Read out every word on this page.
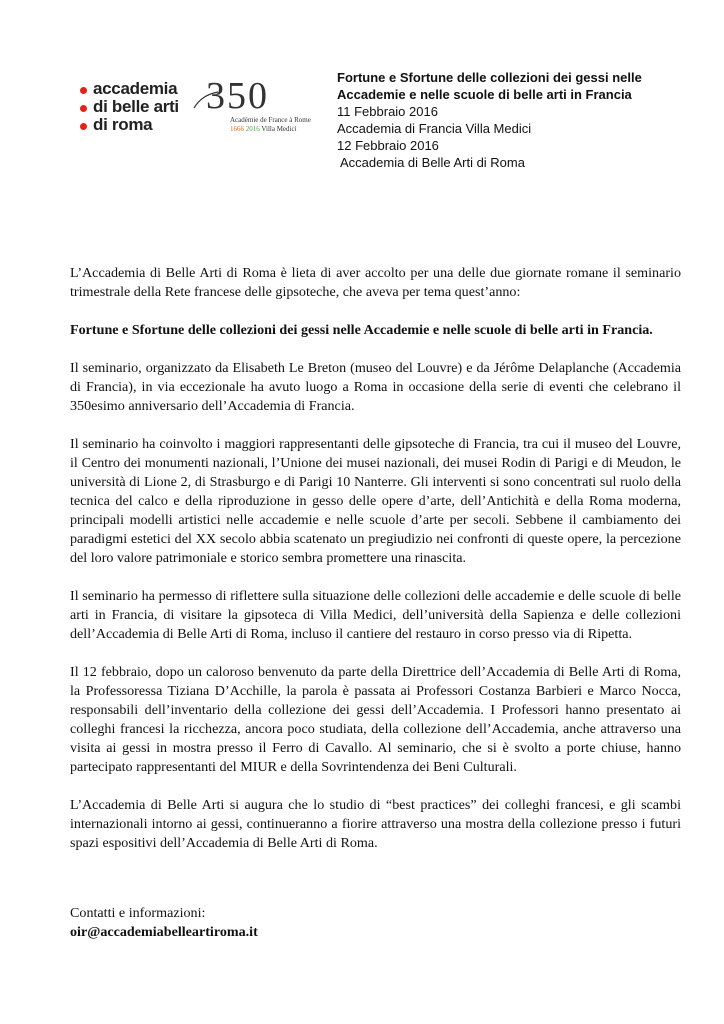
accademia
di belle arti
di roma
350
Académie de France à Rome
1666 2016 Villa Medici
Fortune e Sfortune delle collezioni dei gessi nelle
Accademie e nelle scuole di belle arti in Francia
11 Febbraio 2016
Accademia di Francia Villa Medici
12 Febbraio 2016
Accademia di Belle Arti di Roma

L’Accademia di Belle Arti di Roma è lieta di aver accolto per una delle due giornate romane il seminario trimestrale della Rete francese delle gipsoteche, che aveva per tema quest’anno:

Fortune e Sfortune delle collezioni dei gessi nelle Accademie e nelle scuole di belle arti in Francia.

Il seminario, organizzato da Elisabeth Le Breton (museo del Louvre) e da Jérôme Delaplanche (Accademia di Francia), in via eccezionale ha avuto luogo a Roma in occasione della serie di eventi che celebrano il 350esimo anniversario dell’Accademia di Francia.

Il seminario ha coinvolto i maggiori rappresentanti delle gipsoteche di Francia, tra cui il museo del Louvre, il Centro dei monumenti nazionali, l’Unione dei musei nazionali, dei musei Rodin di Parigi e di Meudon, le università di Lione 2, di Strasburgo e di Parigi 10 Nanterre. Gli interventi si sono concentrati sul ruolo della tecnica del calco e della riproduzione in gesso delle opere d’arte, dell’Antichità e della Roma moderna, principali modelli artistici nelle accademie e nelle scuole d’arte per secoli. Sebbene il cambiamento dei paradigmi estetici del XX secolo abbia scatenato un pregiudizio nei confronti di queste opere, la percezione del loro valore patrimoniale e storico sembra promettere una rinascita.

Il seminario ha permesso di riflettere sulla situazione delle collezioni delle accademie e delle scuole di belle arti in Francia, di visitare la gipsoteca di Villa Medici, dell’università della Sapienza e delle collezioni dell’Accademia di Belle Arti di Roma, incluso il cantiere del restauro in corso presso via di Ripetta.

Il 12 febbraio, dopo un caloroso benvenuto da parte della Direttrice dell’Accademia di Belle Arti di Roma, la Professoressa Tiziana D’Acchille, la parola è passata ai Professori Costanza Barbieri e Marco Nocca, responsabili dell’inventario della collezione dei gessi dell’Accademia. I Professori hanno presentato ai colleghi francesi la ricchezza, ancora poco studiata, della collezione dell’Accademia, anche attraverso una visita ai gessi in mostra presso il Ferro di Cavallo. Al seminario, che si è svolto a porte chiuse, hanno partecipato rappresentanti del MIUR e della Sovrintendenza dei Beni Culturali.

L’Accademia di Belle Arti si augura che lo studio di “best practices” dei colleghi francesi, e gli scambi internazionali intorno ai gessi, continueranno a fiorire attraverso una mostra della collezione presso i futuri spazi espositivi dell’Accademia di Belle Arti di Roma.

Contatti e informazioni:
oir@accademiabelleartiroma.it
